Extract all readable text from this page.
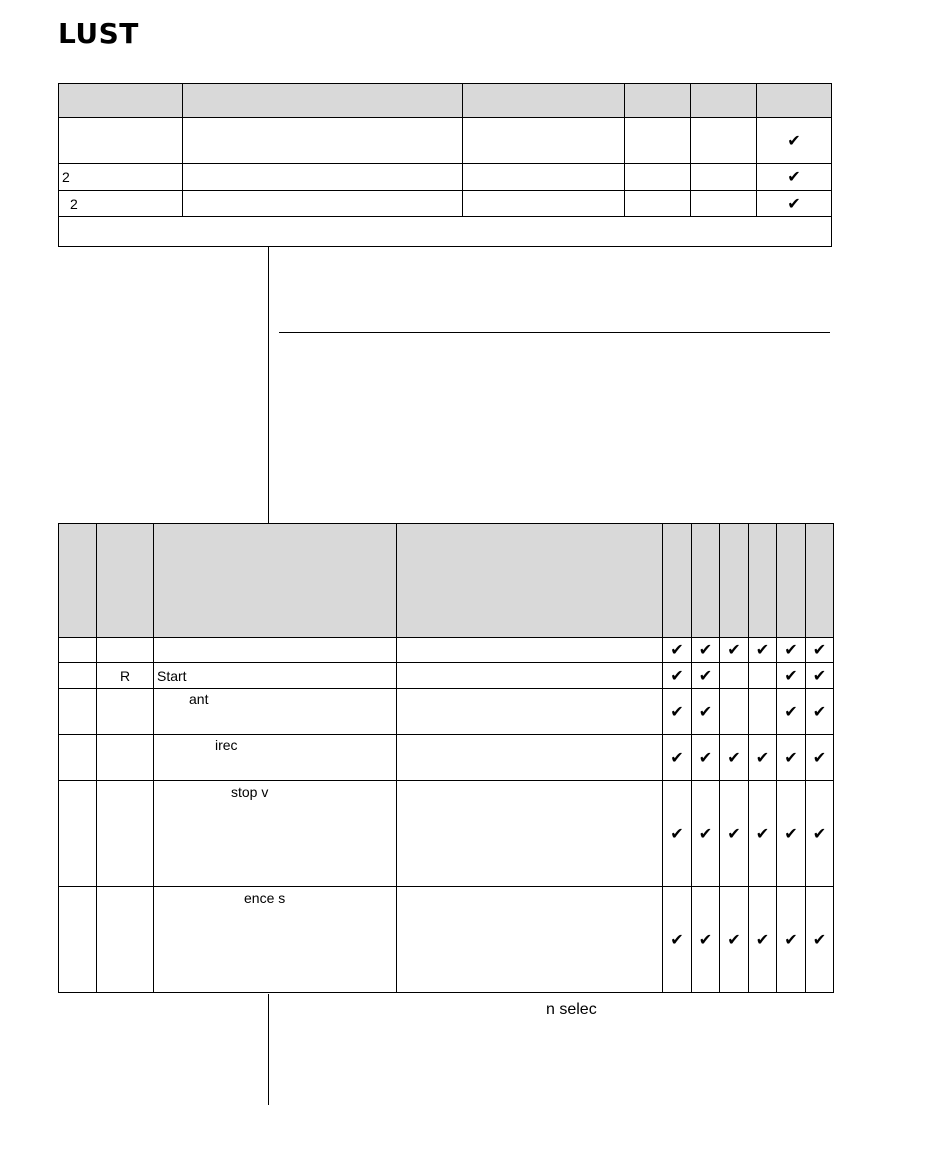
LUST

					✔
2					✔
2					✔

				✔	✔	✔	✔	✔	✔
	R	Start		✔	✔			✔	✔
		ant		✔	✔			✔	✔
		irec		✔	✔	✔	✔	✔	✔
		stop v		✔	✔	✔	✔	✔	✔
		ence s		✔	✔	✔	✔	✔	✔
n selec
